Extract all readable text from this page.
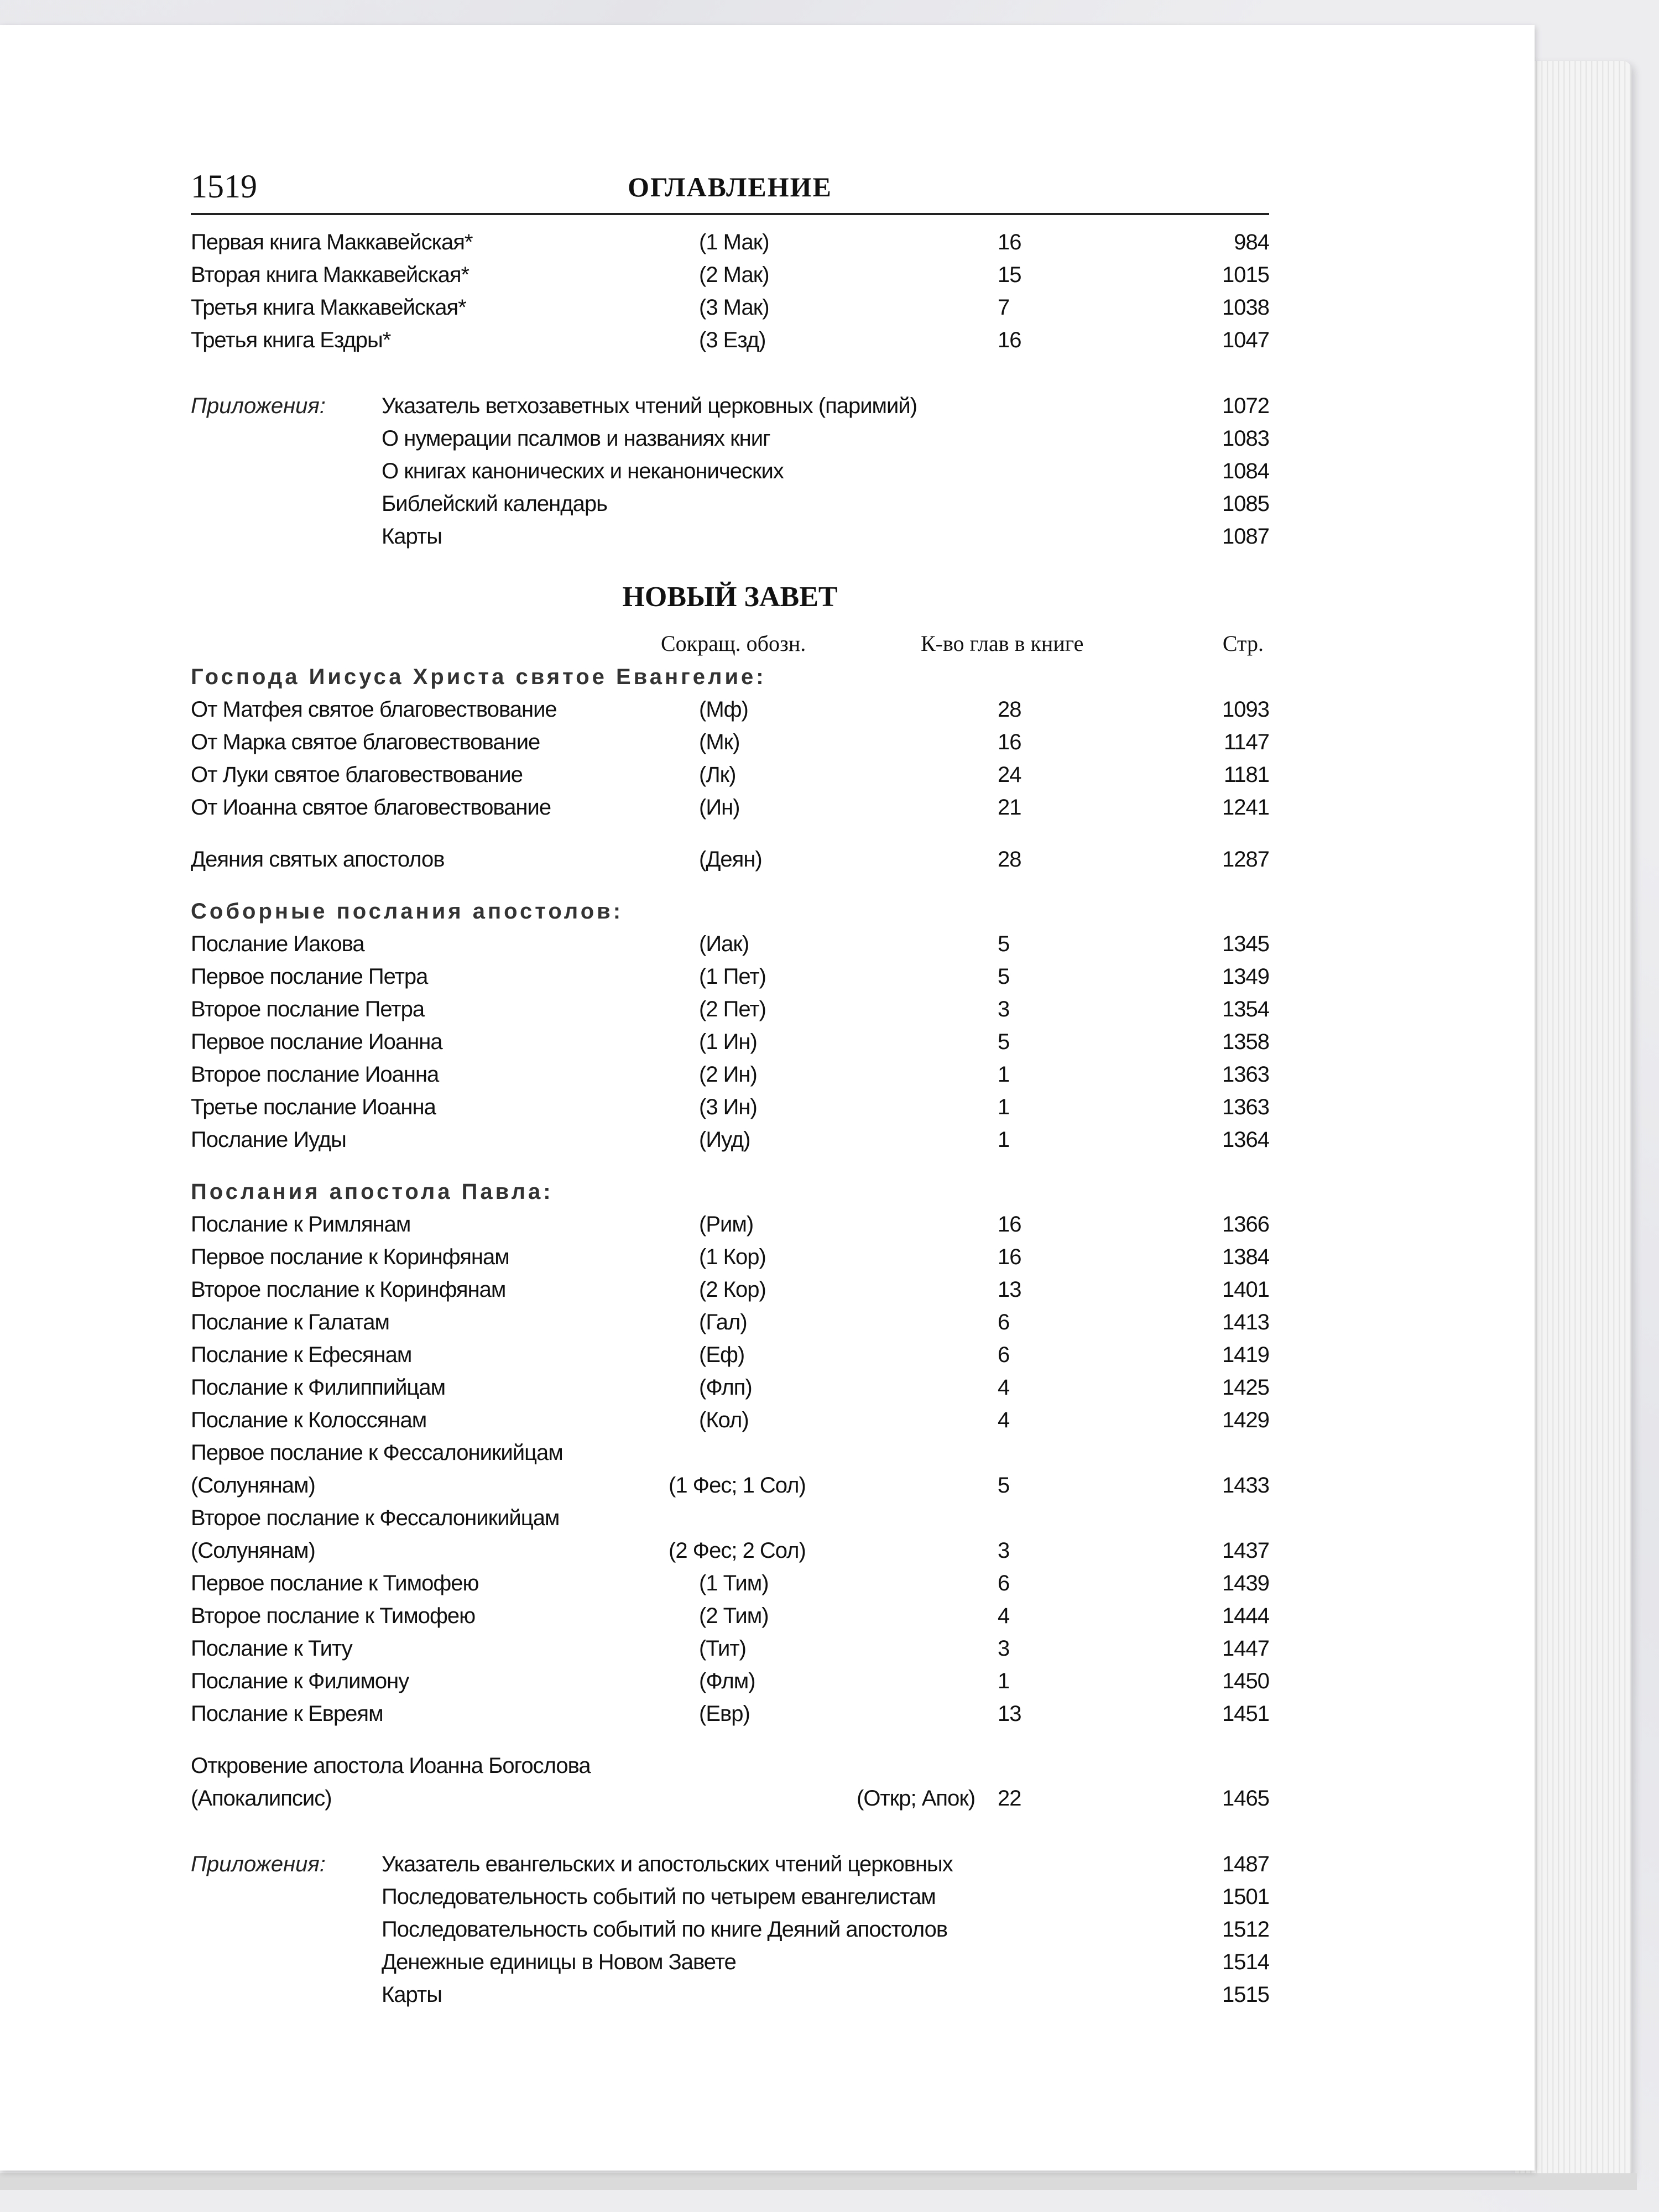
1519	ОГЛАВЛЕНИЕ
Первая книга Маккавейская*	(1 Мак)	16	984
Вторая книга Маккавейская*	(2 Мак)	15	1015
Третья книга Маккавейская*	(3 Мак)	7	1038
Третья книга Ездры*	(3 Езд)	16	1047
Приложения:	Указатель ветхозаветных чтений церковных (паримий)	1072
О нумерации псалмов и названиях книг	1083
О книгах канонических и неканонических	1084
Библейский календарь	1085
Карты	1087
НОВЫЙ ЗАВЕТ
Сокращ. обозн.	К-во глав в книге	Стр.
Господа Иисуса Христа святое Евангелие:
От Матфея святое благовествование	(Мф)	28	1093
От Марка святое благовествование	(Мк)	16	1147
От Луки святое благовествование	(Лк)	24	1181
От Иоанна святое благовествование	(Ин)	21	1241
Деяния святых апостолов	(Деян)	28	1287
Соборные послания апостолов:
Послание Иакова	(Иак)	5	1345
Первое послание Петра	(1 Пет)	5	1349
Второе послание Петра	(2 Пет)	3	1354
Первое послание Иоанна	(1 Ин)	5	1358
Второе послание Иоанна	(2 Ин)	1	1363
Третье послание Иоанна	(3 Ин)	1	1363
Послание Иуды	(Иуд)	1	1364
Послания апостола Павла:
Послание к Римлянам	(Рим)	16	1366
Первое послание к Коринфянам	(1 Кор)	16	1384
Второе послание к Коринфянам	(2 Кор)	13	1401
Послание к Галатам	(Гал)	6	1413
Послание к Ефесянам	(Еф)	6	1419
Послание к Филиппийцам	(Флп)	4	1425
Послание к Колоссянам	(Кол)	4	1429
Первое послание к Фессалоникийцам
(Солунянам)	(1 Фес; 1 Сол)	5	1433
Второе послание к Фессалоникийцам
(Солунянам)	(2 Фес; 2 Сол)	3	1437
Первое послание к Тимофею	(1 Тим)	6	1439
Второе послание к Тимофею	(2 Тим)	4	1444
Послание к Титу	(Тит)	3	1447
Послание к Филимону	(Флм)	1	1450
Послание к Евреям	(Евр)	13	1451
Откровение апостола Иоанна Богослова
(Апокалипсис)	(Откр; Апок) 22	1465
Приложения:	Указатель евангельских и апостольских чтений церковных	1487
Последовательность событий по четырем евангелистам	1501
Последовательность событий по книге Деяний апостолов	1512
Денежные единицы в Новом Завете	1514
Карты	1515
